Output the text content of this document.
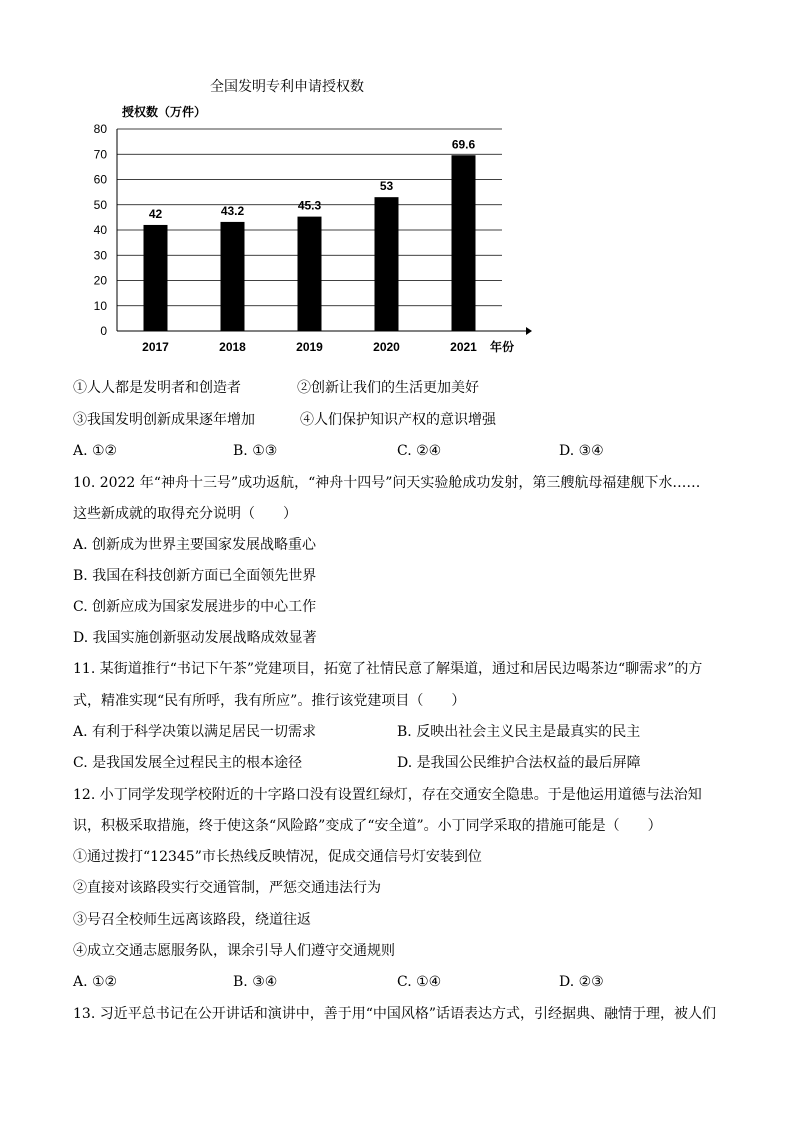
全国发明专利申请授权数
授权数（万件）
年份
0
10
20
30
40
50
60
70
80
42
2017
43.2
2018
45.3
2019
53
2020
69.6
2021
①人人都是发明者和创造者	②创新让我们的生活更加美好
③我国发明创新成果逐年增加	④人们保护知识产权的意识增强
A. ①②	B. ①③	C. ②④	D. ③④
10. 2022 年“神舟十三号”成功返航，“神舟十四号”问天实验舱成功发射，第三艘航母福建舰下水……
这些新成就的取得充分说明（　　）
A. 创新成为世界主要国家发展战略重心
B. 我国在科技创新方面已全面领先世界
C. 创新应成为国家发展进步的中心工作
D. 我国实施创新驱动发展战略成效显著
11. 某街道推行“书记下午茶”党建项目，拓宽了社情民意了解渠道，通过和居民边喝茶边“聊需求”的方
式，精准实现“民有所呼，我有所应”。推行该党建项目（　　）
A. 有利于科学决策以满足居民一切需求	B. 反映出社会主义民主是最真实的民主
C. 是我国发展全过程民主的根本途径	D. 是我国公民维护合法权益的最后屏障
12. 小丁同学发现学校附近的十字路口没有设置红绿灯，存在交通安全隐患。于是他运用道德与法治知
识，积极采取措施，终于使这条“风险路”变成了“安全道”。小丁同学采取的措施可能是（　　）
①通过拨打“12345”市长热线反映情况，促成交通信号灯安装到位
②直接对该路段实行交通管制，严惩交通违法行为
③号召全校师生远离该路段，绕道往返
④成立交通志愿服务队，课余引导人们遵守交通规则
A. ①②	B. ③④	C. ①④	D. ②③
13. 习近平总书记在公开讲话和演讲中，善于用“中国风格”话语表达方式，引经据典、融情于理，被人们
